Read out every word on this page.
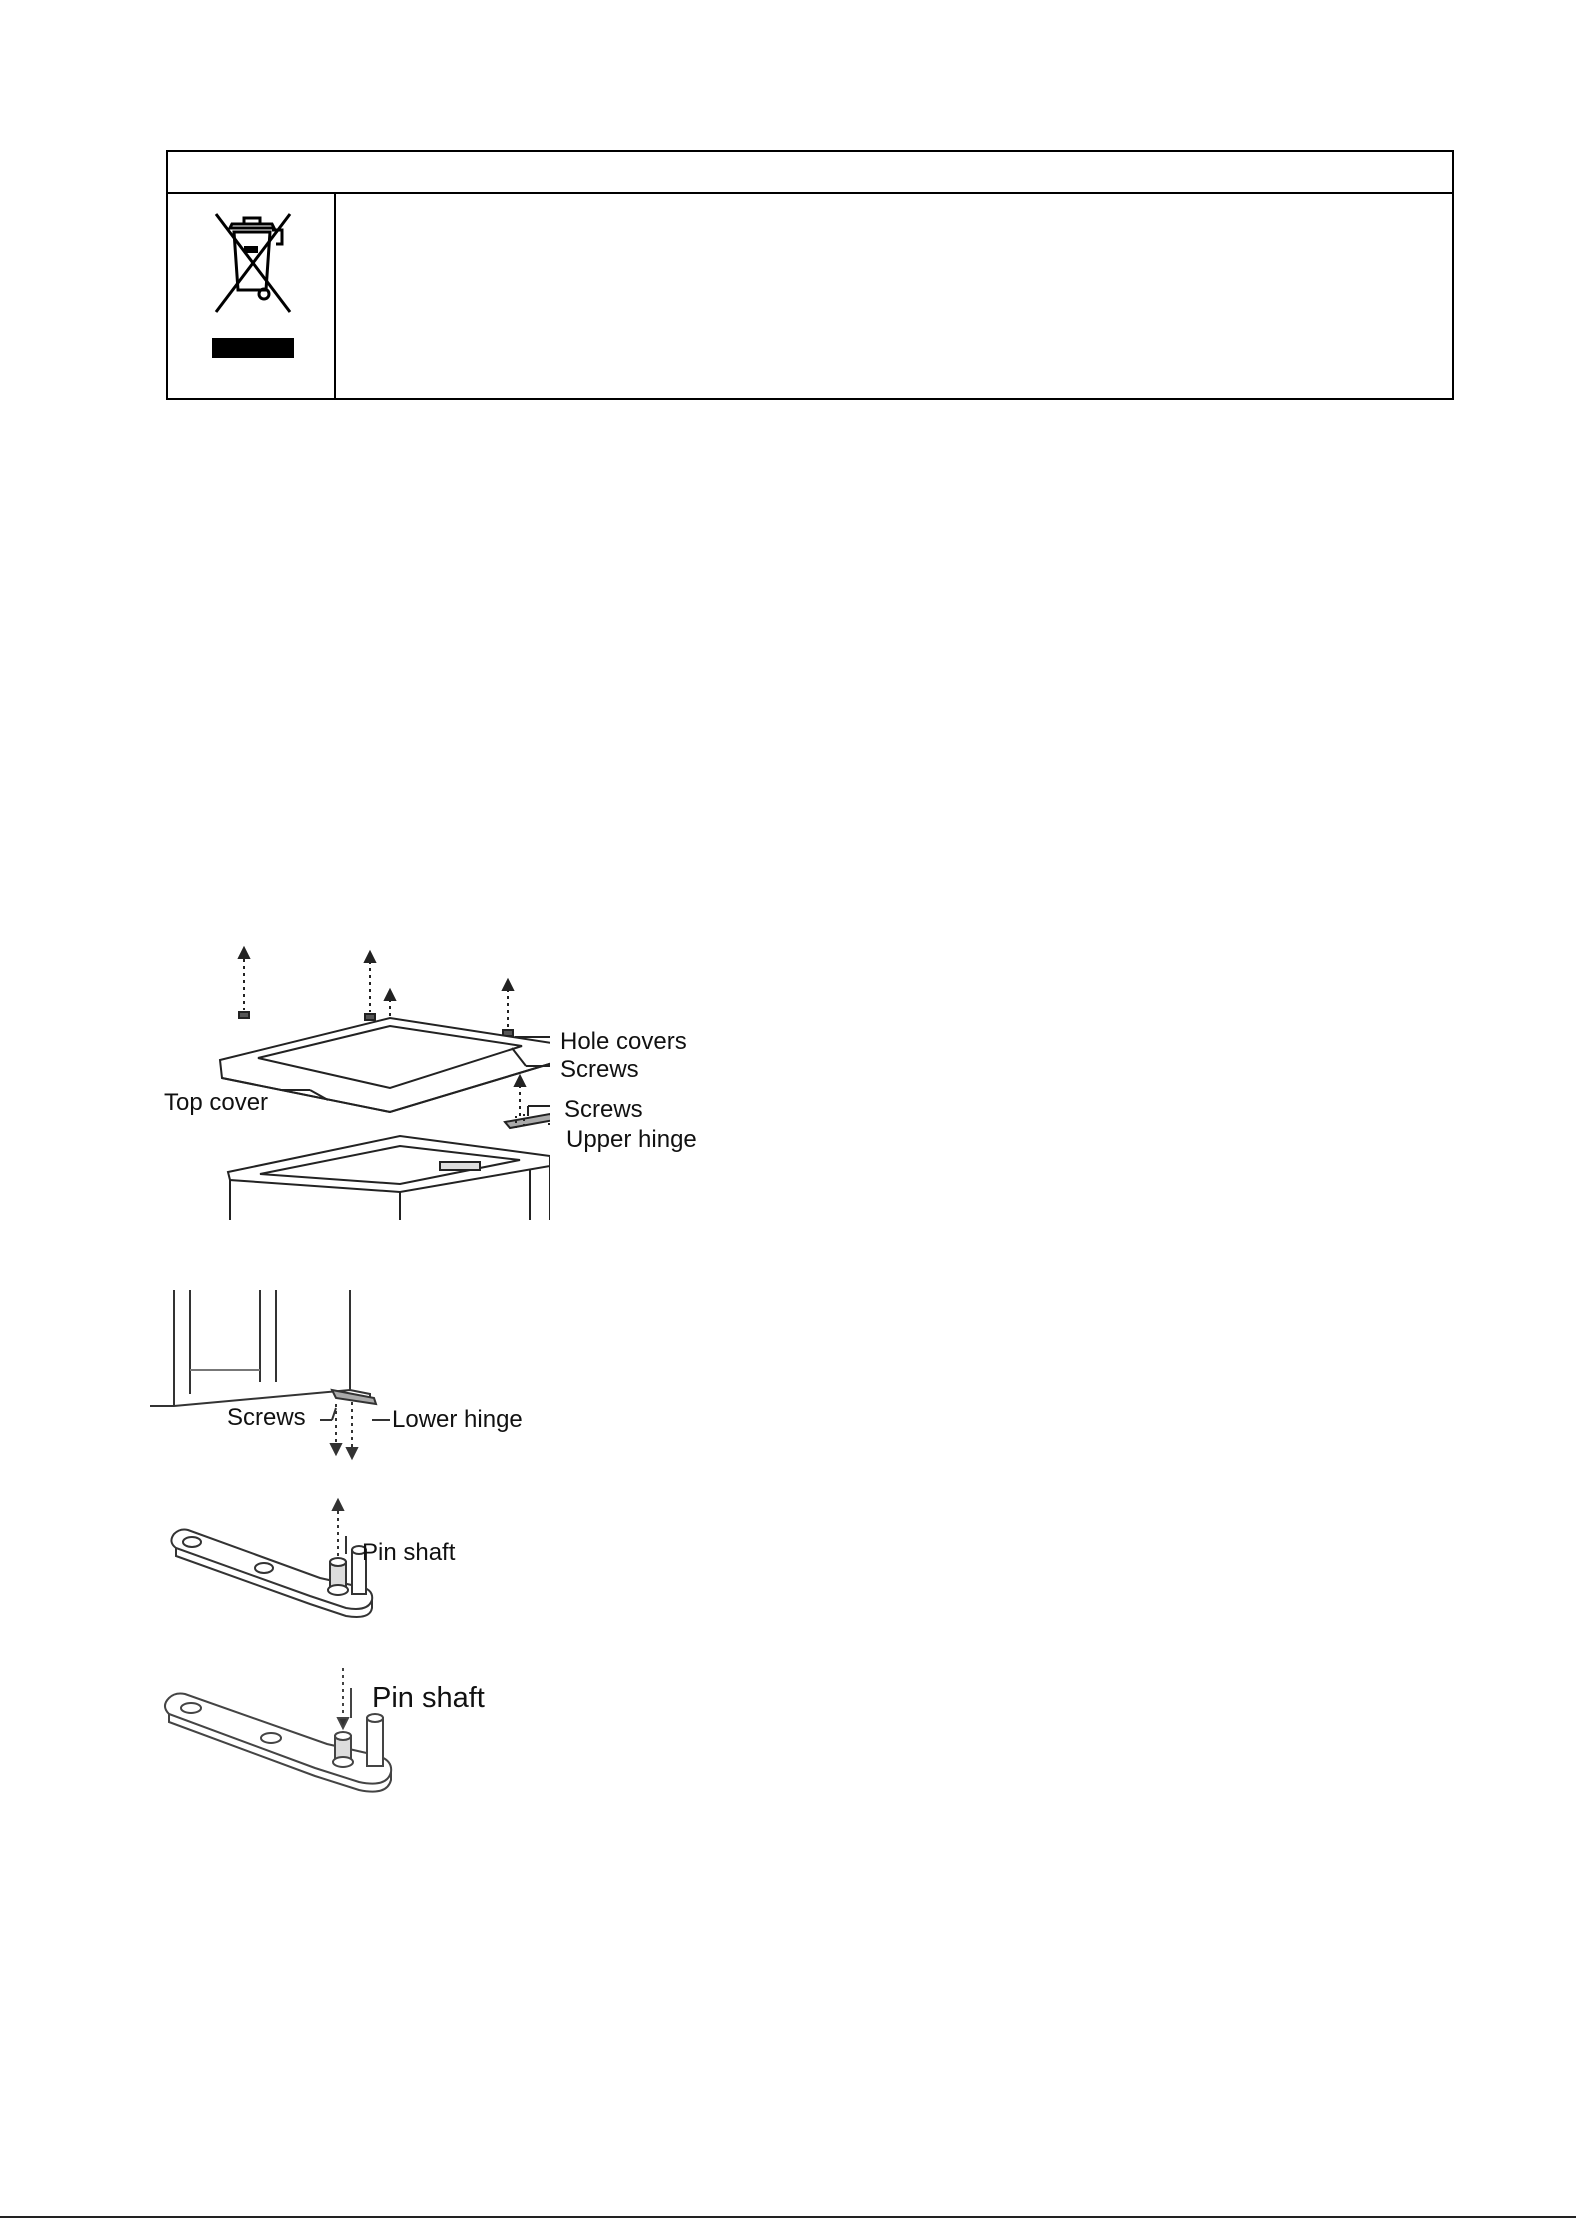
Hole covers
Screws
Top cover	Screws
Upper hinge
Screws	Lower hinge
Pin shaft
Pin shaft
